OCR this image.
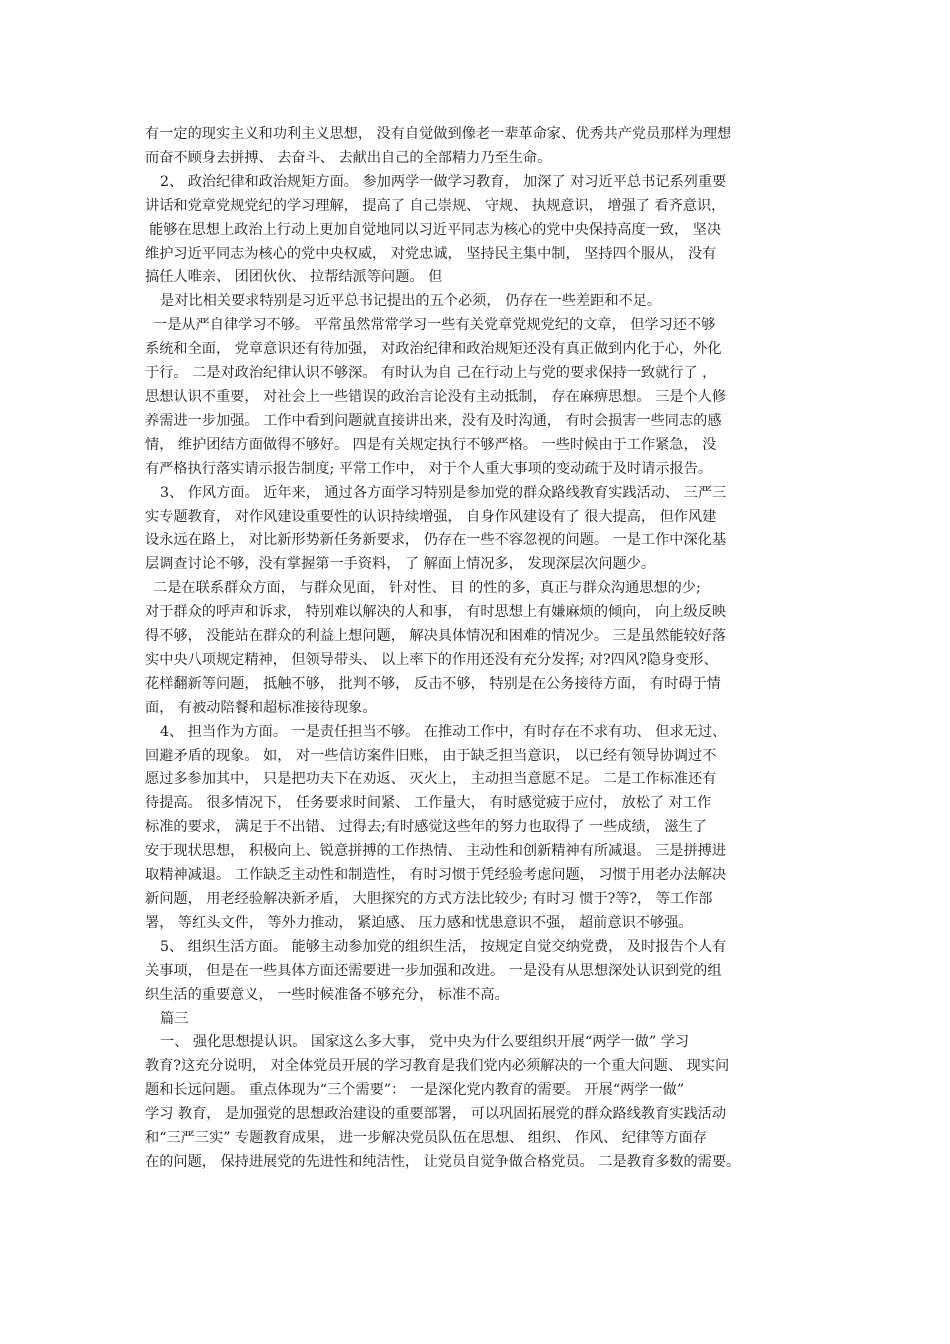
有一定的现实主义和功利主义思想， 没有自觉做到像老一辈革命家、优秀共产党员那样为理想
而奋不顾身去拼搏、 去奋斗、 去献出自己的全部精力乃至生命。
2、 政治纪律和政治规矩方面。 参加两学一做学习教育， 加深了 对习近平总书记系列重要
讲话和党章党规党纪的学习理解， 提高了 自己崇规、 守规、 执规意识， 增强了 看齐意识，
能够在思想上政治上行动上更加自觉地同以习近平同志为核心的党中央保持高度一致， 坚决
维护习近平同志为核心的党中央权威， 对党忠诚， 坚持民主集中制， 坚持四个服从， 没有
搞任人唯亲、 团团伙伙、 拉帮结派等问题。 但
是对比相关要求特别是习近平总书记提出的五个必须， 仍存在一些差距和不足。
一是从严自律学习不够。 平常虽然常常学习一些有关党章党规党纪的文章， 但学习还不够
系统和全面， 党章意识还有待加强， 对政治纪律和政治规矩还没有真正做到内化于心，外化
于行。 二是对政治纪律认识不够深。 有时认为自 己在行动上与党的要求保持一致就行了 ，
思想认识不重要， 对社会上一些错误的政治言论没有主动抵制， 存在麻痹思想。 三是个人修
养需进一步加强。 工作中看到问题就直接讲出来，没有及时沟通， 有时会损害一些同志的感
情， 维护团结方面做得不够好。 四是有关规定执行不够严格。 一些时候由于工作紧急， 没
有严格执行落实请示报告制度; 平常工作中， 对于个人重大事项的变动疏于及时请示报告。
3、 作风方面。 近年来， 通过各方面学习特别是参加党的群众路线教育实践活动、 三严三
实专题教育， 对作风建设重要性的认识持续增强， 自身作风建设有了 很大提高， 但作风建
设永远在路上， 对比新形势新任务新要求， 仍存在一些不容忽视的问题。 一是工作中深化基
层调查讨论不够，没有掌握第一手资料， 了 解面上情况多， 发现深层次问题少。
二是在联系群众方面， 与群众见面， 针对性、 目 的性的多，真正与群众沟通思想的少;
对于群众的呼声和诉求， 特别难以解决的人和事， 有时思想上有嫌麻烦的倾向， 向上级反映
得不够， 没能站在群众的利益上想问题， 解决具体情况和困难的情况少。 三是虽然能较好落
实中央八项规定精神， 但领导带头、 以上率下的作用还没有充分发挥; 对?四风?隐身变形、
花样翻新等问题， 抵触不够， 批判不够， 反击不够， 特别是在公务接待方面， 有时碍于情
面， 有被动陪餐和超标准接待现象。
4、 担当作为方面。 一是责任担当不够。 在推动工作中，有时存在不求有功、 但求无过、
回避矛盾的现象。 如， 对一些信访案件旧账， 由于缺乏担当意识， 以已经有领导协调过不
愿过多参加其中， 只是把功夫下在劝返、 灭火上， 主动担当意愿不足。 二是工作标准还有
待提高。 很多情况下， 任务要求时间紧、 工作量大， 有时感觉疲于应付， 放松了 对工作
标准的要求， 满足于不出错、 过得去;有时感觉这些年的努力也取得了 一些成绩， 滋生了
安于现状思想， 积极向上、锐意拼搏的工作热情、 主动性和创新精神有所减退。 三是拼搏进
取精神减退。 工作缺乏主动性和制造性， 有时习惯于凭经验考虑问题， 习惯于用老办法解决
新问题， 用老经验解决新矛盾， 大胆探究的方式方法比较少; 有时习 惯于?等?， 等工作部
署， 等红头文件， 等外力推动， 紧迫感、 压力感和忧患意识不强， 超前意识不够强。
5、 组织生活方面。 能够主动参加党的组织生活， 按规定自觉交纳党费， 及时报告个人有
关事项， 但是在一些具体方面还需要进一步加强和改进。 一是没有从思想深处认识到党的组
织生活的重要意义， 一些时候准备不够充分， 标准不高。
篇三
一、 强化思想提认识。 国家这么多大事， 党中央为什么要组织开展“两学一做” 学习
教育?这充分说明， 对全体党员开展的学习教育是我们党内必须解决的一个重大问题、 现实问
题和长远问题。 重点体现为“三个需要”： 一是深化党内教育的需要。 开展“两学一做”
学习 教育， 是加强党的思想政治建设的重要部署， 可以巩固拓展党的群众路线教育实践活动
和“三严三实” 专题教育成果， 进一步解决党员队伍在思想、 组织、 作风、 纪律等方面存
在的问题， 保持进展党的先进性和纯洁性， 让党员自觉争做合格党员。 二是教育多数的需要。
